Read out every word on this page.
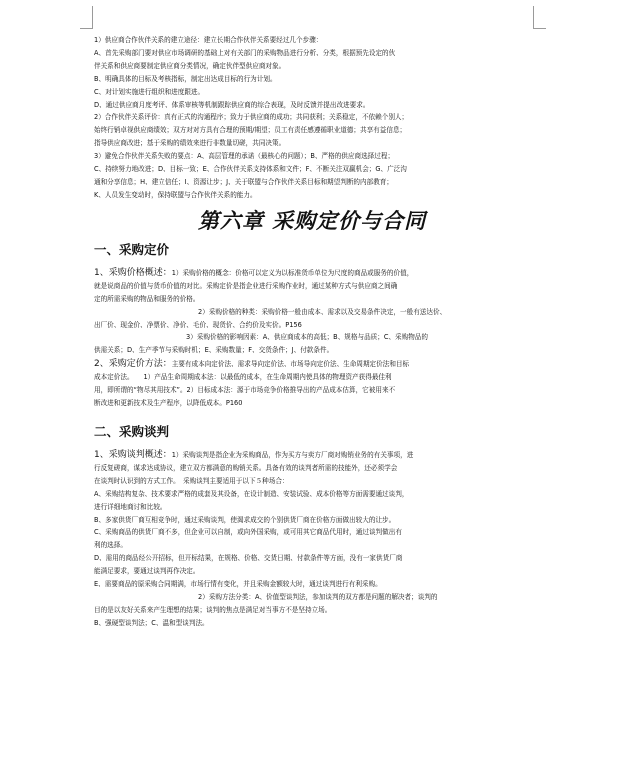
1）供应商合作伙伴关系的建立途径：建立长期合作伙伴关系要经过几个步骤：

A、首先采购部门要对供应市场调研的基础上对有关部门的采购物品进行分析、分类，根据预先设定的伙

伴关系和供应商要制定供应商分类情况，确定伙伴型供应商对象。

B、明确具体的目标及考核指标，制定出达成目标的行为计划。

C、对计划实施进行组织和进度跟进。

D、通过供应商月度考评、体系审核等机制跟踪供应商的综合表现，及时反馈并提出改进要求。

2）合作伙伴关系评价：真有正式的沟通程序；致力于供应商的成功；共同获利；关系稳定，不依赖个别人；

始终行销卓视供应商绩效；双方对对方具有合理的预期/期望；员工有责任感遵循职业道德；共享有益信息；

指导供应商改进；基于采购的绩效来进行非数量切磋，共同决策。

3）避免合作伙伴关系失败的要点：A、高层管理的承诺（最核心的问题）；B、严格的供应商选择过程；

C、持续努力地改进；D、目标一致；E、合作伙伴关系支持体系和文件；F、不断关注双赢机会；G、广泛沟

通和分享信息；H、建立信任；I、资源让步；J、关于联盟与合作伙伴关系目标和期望判断的内部教育；

K、人员发生变动时，保持联盟与合作伙伴关系的能力。

第六章 采购定价与合同
一、采购定价

1、采购价格概述：1）采购价格的概念：价格可以定义为以标准货币单位为尺度的商品或服务的价值，

就是说商品的价值与货币价值的对比。采购定价是指企业进行采购作业时，通过某种方式与供应商之间确

定的所需采购的物品和服务的价格。

2）采购价格的种类：采购价格一般由成本、需求以及交易条件决定，一般有送达价、

出厂价、现金价、净票价、净价、毛价、现货价、合约价及实价。P156

3）采购价格的影响因素：A、供应商成本的高低；B、规格与品质；C、采购物品的

供需关系；D、生产季节与采购时机；E、采购数量；F、交货条件；J、付款条件。

2、采购定价方法：主要有成本向定价法、需求导向定价法、市场导向定价法、生命周期定价法和目标

成本定价法。　　1）产品生命周期成本法：以最低的成本，在生命周期内使具体的物理资产获得最佳利

用，即所谓的“物尽其用技术”。2）目标成本法：源于市场竞争价格推导出的产品成本估算，它被用来不

断改进和更新技术及生产程序，以降低成本。P160

二、采购谈判

1、采购谈判概述：1）采购谈判是指企业为采购商品，作为买方与卖方厂商对购销业务的有关事项，进

行反复磋商，谋求达成协议，建立双方都满意的购销关系。具备有效的谈判者所需的技能外，还必须学会

在谈判时认识到的方式工作。　采购谈判主要适用于以下５种场合：

A、采购结构复杂、技术要求严格的成套及其设备，在设计制造、安装试验、成本价格等方面需要通过谈判，

进行详细地商讨和比较。

B、多家供货厂商互相竞争时，通过采购谈判，使渴求成交的个别供货厂商在价格方面做出较大的让步。

C、采购商品的供货厂商不多，但企业可以自制，或向外国采购，或可用其它商品代用时，通过谈判做出有

利的选择。

D、需用的商品经公开招标，但开标结果，在规格、价格、交货日期、付款条件等方面，没有一家供货厂商

能满足要求，要通过谈判再作决定。

E、需要商品的原采购合同期满，市场行情有变化，并且采购金额较大时，通过谈判进行有利采购。

2）采购方法分类：A、价值型谈判法，参加谈判的双方都是问题的解决者；谈判的

目的是以友好关系来产生理想的结果；谈判的焦点是满足对当事方不是坚持立场。

B、强硬型谈判法；C、温和型谈判法。
